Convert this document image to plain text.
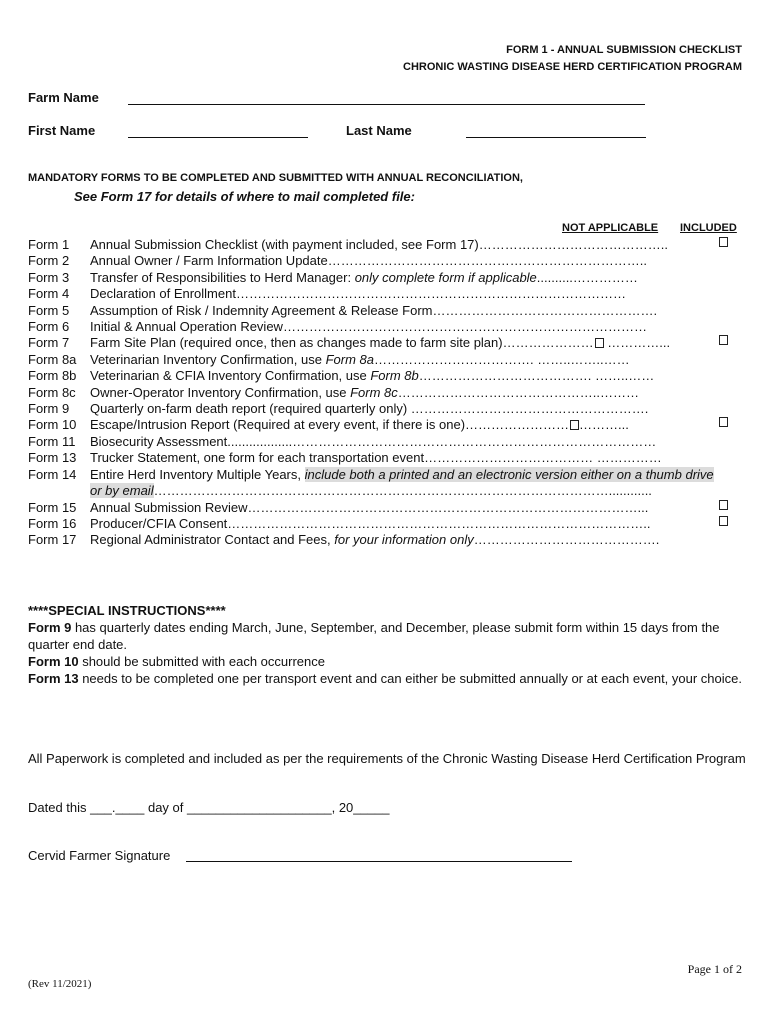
FORM 1 - ANNUAL SUBMISSION CHECKLIST
CHRONIC WASTING DISEASE HERD CERTIFICATION PROGRAM
Farm Name
First Name	Last Name
MANDATORY FORMS TO BE COMPLETED AND SUBMITTED WITH ANNUAL RECONCILIATION,
See Form 17 for details of where to mail completed file:
NOT APPLICABLE INCLUDED
Form 1	Annual Submission Checklist (with payment included, see Form 17)……………………………………..
Form 2	Annual Owner / Farm Information Update………………………………………………………………..
Form 3	Transfer of Responsibilities to Herd Manager: only complete form if applicable..........……………
Form 4	Declaration of Enrollment………………………………………………………………………………
Form 5	Assumption of Risk / Indemnity Agreement & Release Form…………………………………………….
Form 6	Initial & Annual Operation Review…………………………………………………………………………
Form 7	Farm Site Plan (required once, then as changes made to farm site plan)………………… …………...
Form 8a	Veterinarian Inventory Confirmation, use Form 8a………………………………. ……..……..……
Form 8b	Veterinarian & CFIA Inventory Confirmation, use Form 8b…………………………………. ……..……
Form 8c	Owner-Operator Inventory Confirmation, use Form 8c………………………………………..………
Form 9	Quarterly on-farm death report (required quarterly only) ……………………………………………….
Form 10	Escape/Intrusion Report (Required at every event, if there is one)…………………… ………...
Form 11	Biosecurity Assessment..................…………………………………………………………………………
Form 13	Trucker Statement, one form for each transportation event………………………………… ……………
Form 14	Entire Herd Inventory Multiple Years, include both a printed and an electronic version either on a thumb drive or by email……………………………………………………………………………………………............
Form 15	Annual Submission Review………………………………………………………………………………...
Form 16	Producer/CFIA Consent……………………………………………………………………………………..
Form 17	Regional Administrator Contact and Fees, for your information only…………………………………….
****SPECIAL INSTRUCTIONS****
Form 9 has quarterly dates ending March, June, September, and December, please submit form within 15 days from the quarter end date.
Form 10 should be submitted with each occurrence
Form 13 needs to be completed one per transport event and can either be submitted annually or at each event, your choice.
All Paperwork is completed and included as per the requirements of the Chronic Wasting Disease Herd Certification Program
Dated this ___.____ day of ____________________, 20_____
Cervid Farmer Signature
Page 1 of 2
(Rev 11/2021)
